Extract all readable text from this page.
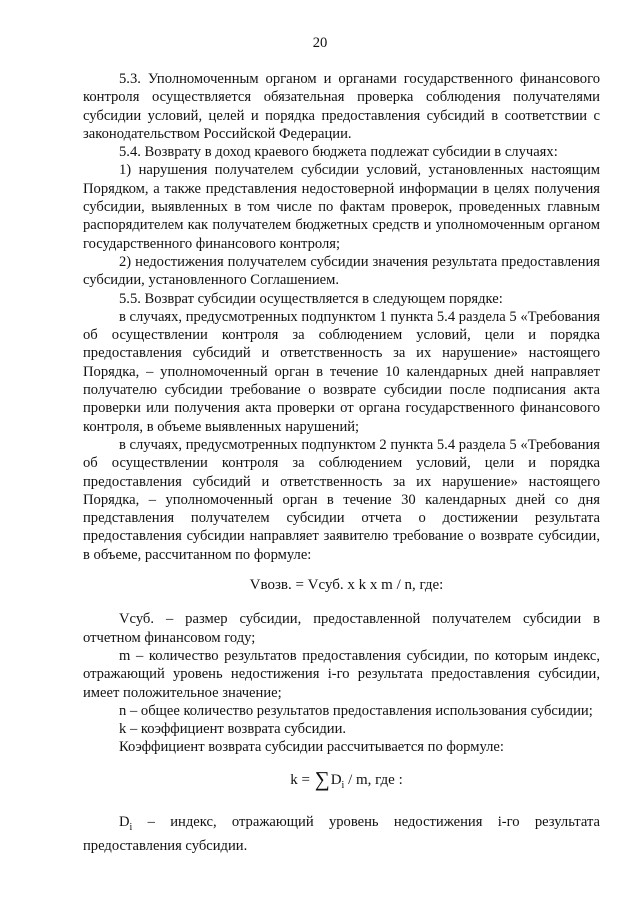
20

5.3. Уполномоченным органом и органами государственного финансового контроля осуществляется обязательная проверка соблюдения получателями субсидии условий, целей и порядка предоставления субсидий в соответствии с законодательством Российской Федерации.

5.4. Возврату в доход краевого бюджета подлежат субсидии в случаях:

1) нарушения получателем субсидии условий, установленных настоящим Порядком, а также представления недостоверной информации в целях получения субсидии, выявленных в том числе по фактам проверок, проведенных главным распорядителем как получателем бюджетных средств и уполномоченным органом государственного финансового контроля;

2) недостижения получателем субсидии значения результата предоставления субсидии, установленного Соглашением.

5.5. Возврат субсидии осуществляется в следующем порядке:

в случаях, предусмотренных подпунктом 1 пункта 5.4 раздела 5 «Требования об осуществлении контроля за соблюдением условий, цели и порядка предоставления субсидий и ответственность за их нарушение» настоящего Порядка, – уполномоченный орган в течение 10 календарных дней направляет получателю субсидии требование о возврате субсидии после подписания акта проверки или получения акта проверки от органа государственного финансового контроля, в объеме выявленных нарушений;

в случаях, предусмотренных подпунктом 2 пункта 5.4 раздела 5 «Требования об осуществлении контроля за соблюдением условий, цели и порядка предоставления субсидий и ответственность за их нарушение» настоящего Порядка, – уполномоченный орган в течение 30 календарных дней со дня представления получателем субсидии отчета о достижении результата предоставления субсидии направляет заявителю требование о возврате субсидии, в объеме, рассчитанном по формуле:

Vвозв. = Vсуб. x k x m / n, где:

Vсуб. – размер субсидии, предоставленной получателем субсидии в отчетном финансовом году;

m – количество результатов предоставления субсидии, по которым индекс, отражающий уровень недостижения i-го результата предоставления субсидии, имеет положительное значение;

n – общее количество результатов предоставления использования субсидии;

k – коэффициент возврата субсидии.

Коэффициент возврата субсидии рассчитывается по формуле:

$k = \sum D_i / m$, где :

$D_i$ – индекс, отражающий уровень недостижения i-го результата предоставления субсидии.
